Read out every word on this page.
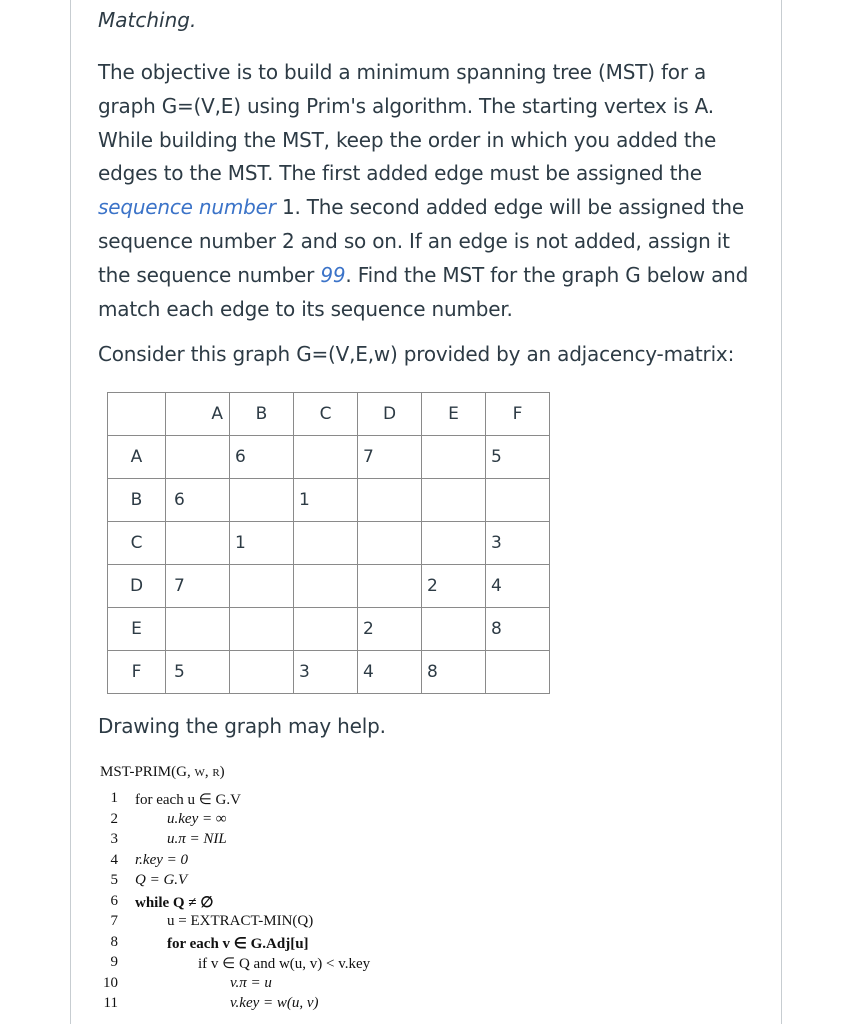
Matching.
The objective is to build a minimum spanning tree (MST) for a graph G=(V,E) using Prim's algorithm. The starting vertex is A. While building the MST, keep the order in which you added the edges to the MST. The first added edge must be assigned the sequence number 1. The second added edge will be assigned the sequence number 2 and so on. If an edge is not added, assign it the sequence number 99. Find the MST for the graph G below and match each edge to its sequence number.
Consider this graph G=(V,E,w) provided by an adjacency-matrix:
	A	B	C	D	E	F
A		6		7		5
B	6		1			
C		1				3
D	7				2	4
E				2		8
F	5		3	4	8	
Drawing the graph may help.
MST-PRIM(G, w, r)
1 for each u ∈ G.V
2	u.key = ∞
3	u.π = NIL
4 r.key = 0
5 Q = G.V
6 while Q ≠ ∅
7	u = EXTRACT-MIN(Q)
8	for each v ∈ G.Adj[u]
9	if v ∈ Q and w(u, v) < v.key
10	v.π = u
11	v.key = w(u, v)
